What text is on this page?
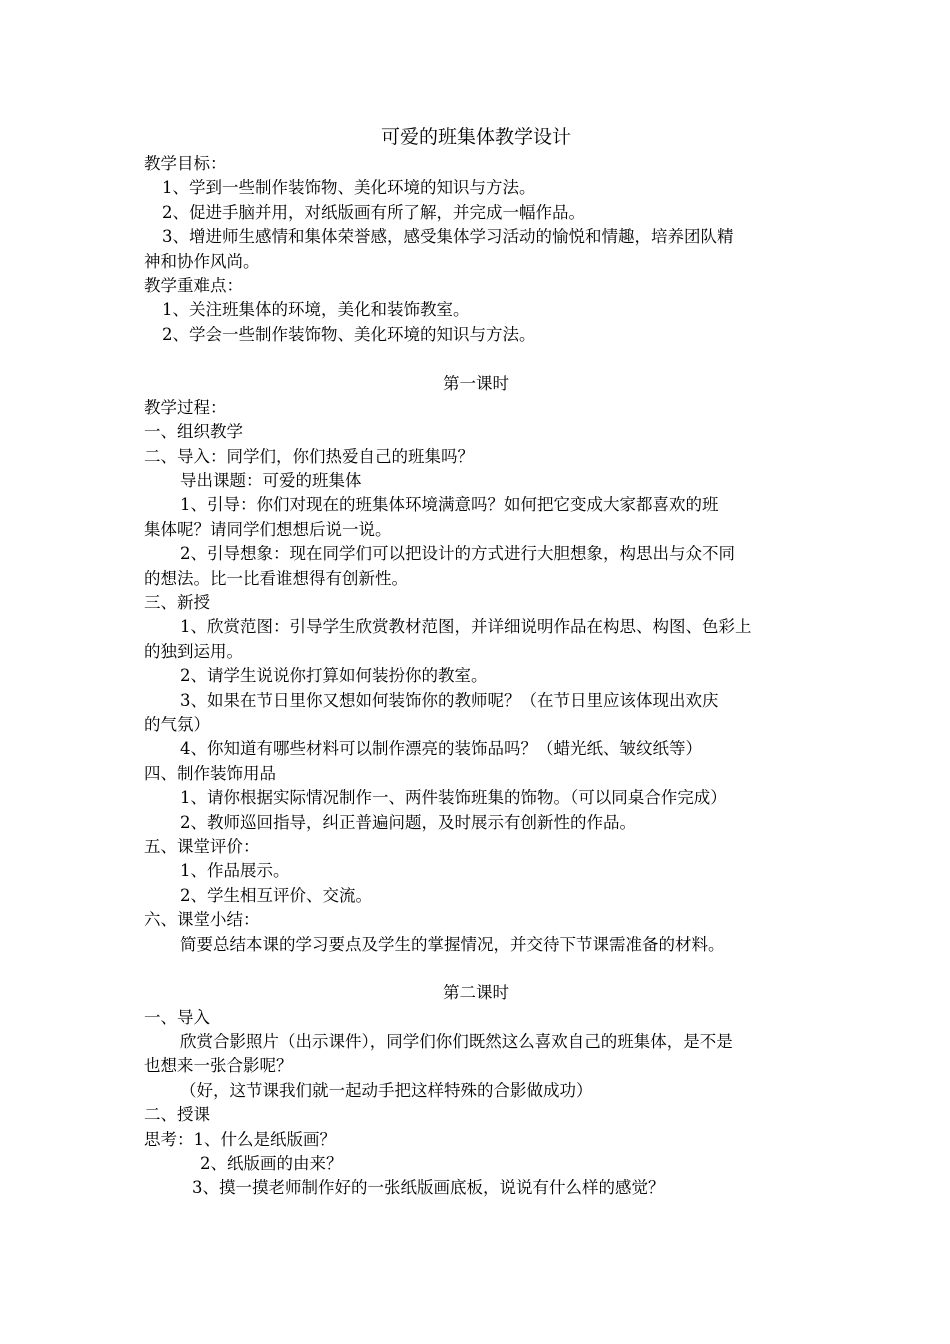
可爱的班集体教学设计
教学目标：
1、学到一些制作装饰物、美化环境的知识与方法。
2、促进手脑并用，对纸版画有所了解，并完成一幅作品。
3、增进师生感情和集体荣誉感，感受集体学习活动的愉悦和情趣，培养团队精
神和协作风尚。
教学重难点：
1、关注班集体的环境，美化和装饰教室。
2、学会一些制作装饰物、美化环境的知识与方法。
第一课时
教学过程：
一、组织教学
二、导入：同学们，你们热爱自己的班集吗？
导出课题：可爱的班集体
1、引导：你们对现在的班集体环境满意吗？如何把它变成大家都喜欢的班
集体呢？请同学们想想后说一说。
2、引导想象：现在同学们可以把设计的方式进行大胆想象，构思出与众不同
的想法。比一比看谁想得有创新性。
三、新授
1、欣赏范图：引导学生欣赏教材范图，并详细说明作品在构思、构图、色彩上
的独到运用。
2、请学生说说你打算如何装扮你的教室。
3、如果在节日里你又想如何装饰你的教师呢？（在节日里应该体现出欢庆
的气氛）
4、你知道有哪些材料可以制作漂亮的装饰品吗？（蜡光纸、皱纹纸等）
四、制作装饰用品
1、请你根据实际情况制作一、两件装饰班集的饰物。（可以同桌合作完成）
2、教师巡回指导，纠正普遍问题，及时展示有创新性的作品。
五、课堂评价：
1、作品展示。
2、学生相互评价、交流。
六、课堂小结：
简要总结本课的学习要点及学生的掌握情况，并交待下节课需准备的材料。
第二课时
一、导入
欣赏合影照片（出示课件），同学们你们既然这么喜欢自己的班集体，是不是
也想来一张合影呢？
（好，这节课我们就一起动手把这样特殊的合影做成功）
二、授课
思考：1、什么是纸版画？
2、纸版画的由来？
3、摸一摸老师制作好的一张纸版画底板，说说有什么样的感觉？
